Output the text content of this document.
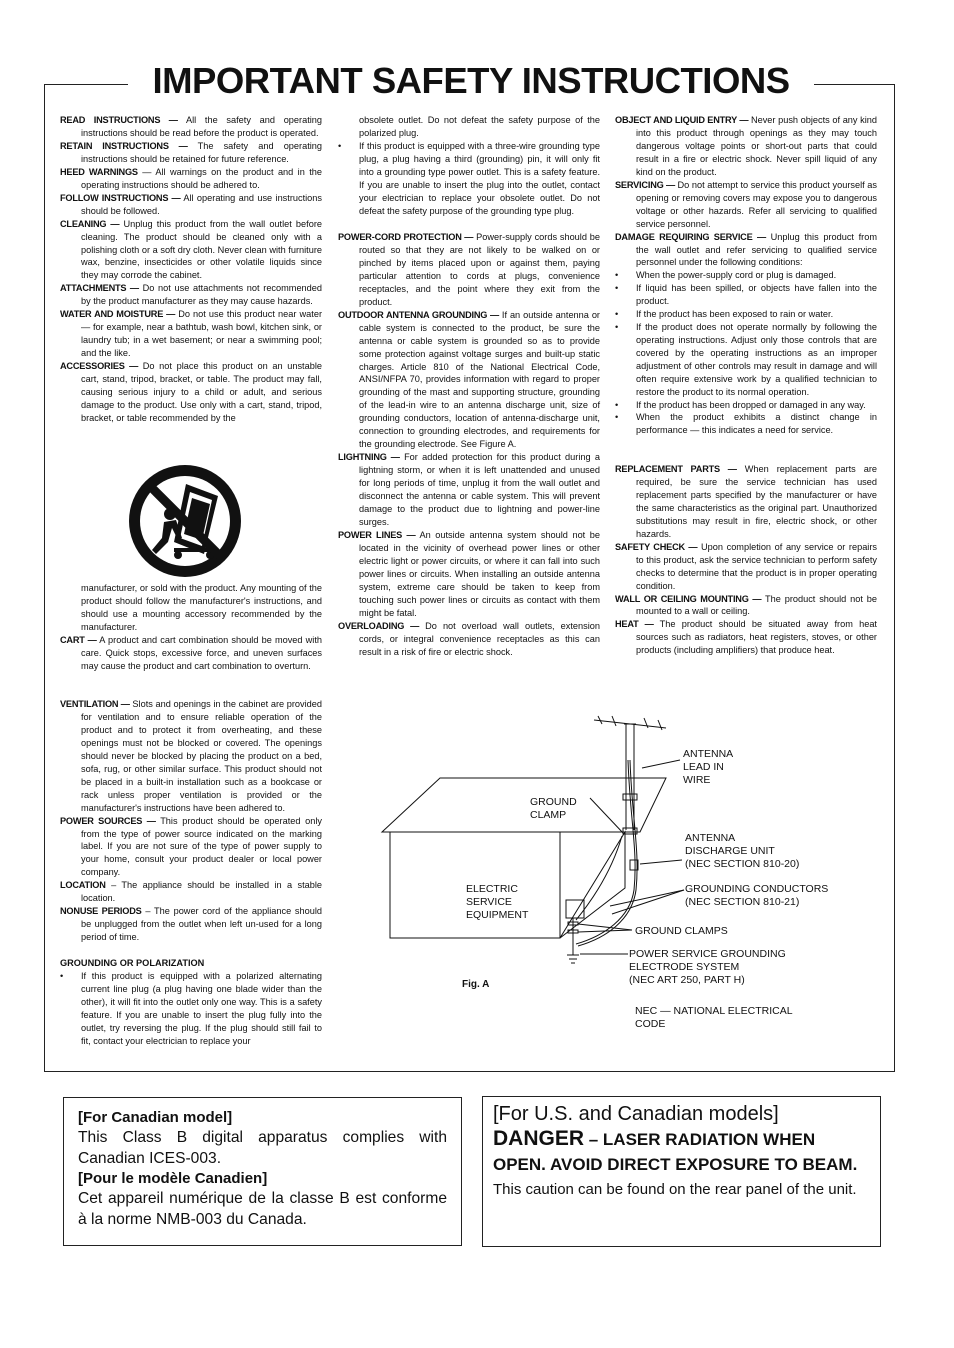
IMPORTANT SAFETY INSTRUCTIONS

READ INSTRUCTIONS — All the safety and operating instructions should be read before the product is operated.

RETAIN INSTRUCTIONS — The safety and operating instructions should be retained for future reference.

HEED WARNINGS — All warnings on the product and in the operating instructions should be adhered to.

FOLLOW INSTRUCTIONS — All operating and use instructions should be followed.

CLEANING — Unplug this product from the wall outlet before cleaning. The product should be cleaned only with a polishing cloth or a soft dry cloth. Never clean with furniture wax, benzine, insecticides or other volatile liquids since they may corrode the cabinet.

ATTACHMENTS — Do not use attachments not recommended by the product manufacturer as they may cause hazards.

WATER AND MOISTURE — Do not use this product near water — for example, near a bathtub, wash bowl, kitchen sink, or laundry tub; in a wet basement; or near a swimming pool; and the like.

ACCESSORIES — Do not place this product on an unstable cart, stand, tripod, bracket, or table. The product may fall, causing serious injury to a child or adult, and serious damage to the product. Use only with a cart, stand, tripod, bracket, or table recommended by the

manufacturer, or sold with the product. Any mounting of the product should follow the manufacturer's instructions, and should use a mounting accessory recommended by the manufacturer.

CART — A product and cart combination should be moved with care. Quick stops, excessive force, and uneven surfaces may cause the product and cart combination to overturn.

VENTILATION — Slots and openings in the cabinet are provided for ventilation and to ensure reliable operation of the product and to protect it from overheating, and these openings must not be blocked or covered. The openings should never be blocked by placing the product on a bed, sofa, rug, or other similar surface. This product should not be placed in a built-in installation such as a bookcase or rack unless proper ventilation is provided or the manufacturer's instructions have been adhered to.

POWER SOURCES — This product should be operated only from the type of power source indicated on the marking label. If you are not sure of the type of power supply to your home, consult your product dealer or local power company.

LOCATION – The appliance should be installed in a stable location.

NONUSE PERIODS – The power cord of the appliance should be unplugged from the outlet when left un-used for a long period of time.

GROUNDING OR POLARIZATION

• If this product is equipped with a polarized alternating current line plug (a plug having one blade wider than the other), it will fit into the outlet only one way. This is a safety feature. If you are unable to insert the plug fully into the outlet, try reversing the plug. If the plug should still fail to fit, contact your electrician to replace your

obsolete outlet. Do not defeat the safety purpose of the polarized plug.

• If this product is equipped with a three-wire grounding type plug, a plug having a third (grounding) pin, it will only fit into a grounding type power outlet. This is a safety feature. If you are unable to insert the plug into the outlet, contact your electrician to replace your obsolete outlet. Do not defeat the safety purpose of the grounding type plug.

POWER-CORD PROTECTION — Power-supply cords should be routed so that they are not likely to be walked on or pinched by items placed upon or against them, paying particular attention to cords at plugs, convenience receptacles, and the point where they exit from the product.

OUTDOOR ANTENNA GROUNDING — If an outside antenna or cable system is connected to the product, be sure the antenna or cable system is grounded so as to provide some protection against voltage surges and built-up static charges. Article 810 of the National Electrical Code, ANSI/NFPA 70, provides information with regard to proper grounding of the mast and supporting structure, grounding of the lead-in wire to an antenna discharge unit, size of grounding conductors, location of antenna-discharge unit, connection to grounding electrodes, and requirements for the grounding electrode. See Figure A.

LIGHTNING — For added protection for this product during a lightning storm, or when it is left unattended and unused for long periods of time, unplug it from the wall outlet and disconnect the antenna or cable system. This will prevent damage to the product due to lightning and power-line surges.

POWER LINES — An outside antenna system should not be located in the vicinity of overhead power lines or other electric light or power circuits, or where it can fall into such power lines or circuits. When installing an outside antenna system, extreme care should be taken to keep from touching such power lines or circuits as contact with them might be fatal.

OVERLOADING — Do not overload wall outlets, extension cords, or integral convenience receptacles as this can result in a risk of fire or electric shock.

OBJECT AND LIQUID ENTRY — Never push objects of any kind into this product through openings as they may touch dangerous voltage points or short-out parts that could result in a fire or electric shock. Never spill liquid of any kind on the product.

SERVICING — Do not attempt to service this product yourself as opening or removing covers may expose you to dangerous voltage or other hazards. Refer all servicing to qualified service personnel.

DAMAGE REQUIRING SERVICE — Unplug this product from the wall outlet and refer servicing to qualified service personnel under the following conditions:

• When the power-supply cord or plug is damaged.

• If liquid has been spilled, or objects have fallen into the product.

• If the product has been exposed to rain or water.

• If the product does not operate normally by following the operating instructions. Adjust only those controls that are covered by the operating instructions as an improper adjustment of other controls may result in damage and will often require extensive work by a qualified technician to restore the product to its normal operation.

• If the product has been dropped or damaged in any way.

• When the product exhibits a distinct change in performance — this indicates a need for service.

REPLACEMENT PARTS — When replacement parts are required, be sure the service technician has used replacement parts specified by the manufacturer or have the same characteristics as the original part. Unauthorized substitutions may result in fire, electric shock, or other hazards.

SAFETY CHECK — Upon completion of any service or repairs to this product, ask the service technician to perform safety checks to determine that the product is in proper operating condition.

WALL OR CEILING MOUNTING — The product should not be mounted to a wall or ceiling.

HEAT — The product should be situated away from heat sources such as radiators, heat registers, stoves, or other products (including amplifiers) that produce heat.

ANTENNA
LEAD IN
WIRE
GROUND
CLAMP
ANTENNA
DISCHARGE UNIT
(NEC SECTION 810-20)
ELECTRIC
SERVICE
EQUIPMENT
GROUNDING CONDUCTORS
(NEC SECTION 810-21)
GROUND CLAMPS
POWER SERVICE GROUNDING
ELECTRODE SYSTEM
(NEC ART 250, PART H)
NEC — NATIONAL ELECTRICAL
CODE
Fig. A

[For Canadian model]

This Class B digital apparatus complies with Canadian ICES-003.

[Pour le modèle Canadien]

Cet appareil numérique de la classe B est conforme à la norme NMB-003 du Canada.

[For U.S. and Canadian models]

DANGER – LASER RADIATION WHEN OPEN. AVOID DIRECT EXPOSURE TO BEAM.

This caution can be found on the rear panel of the unit.
